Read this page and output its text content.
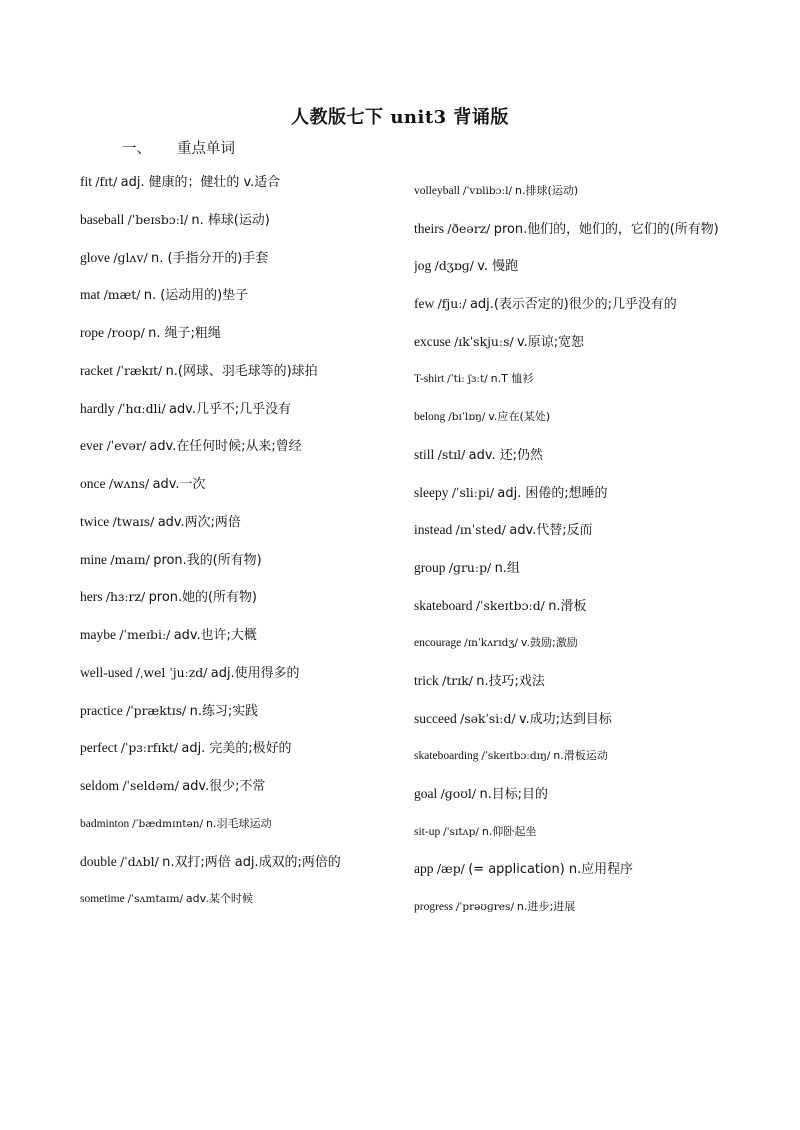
人教版七下 unit3 背诵版
一、 重点单词
fit /fɪt/ adj. 健康的；健壮的 v.适合
baseball /ˈbeɪsbɔːl/ n. 棒球(运动)
glove /ɡlʌv/ n. (手指分开的)手套
mat /mæt/ n. (运动用的)垫子
rope /roʊp/ n. 绳子;粗绳
racket /ˈrækɪt/ n.(网球、羽毛球等的)球拍
hardly /ˈhɑːdli/ adv.几乎不;几乎没有
ever /ˈevər/ adv.在任何时候;从来;曾经
once /wʌns/ adv.一次
twice /twaɪs/ adv.两次;两倍
mine /maɪn/ pron.我的(所有物)
hers /hɜːrz/ pron.她的(所有物)
maybe /ˈmeɪbiː/ adv.也许;大概
well-used /ˌwel ˈjuːzd/ adj.使用得多的
practice /ˈpræktɪs/ n.练习;实践
perfect /ˈpɜːrfɪkt/ adj. 完美的;极好的
seldom /ˈseldəm/ adv.很少;不常
badminton /ˈbædmɪntən/ n.羽毛球运动
double /ˈdʌbl/ n.双打;两倍 adj.成双的;两倍的
sometime /ˈsʌmtaɪm/ adv.某个时候
volleyball /ˈvɒlibɔːl/ n.排球(运动)
theirs /ðeərz/ pron.他们的，她们的，它们的(所有物)
jog /dʒɒɡ/ v. 慢跑
few /fjuː/ adj.(表示否定的)很少的;几乎没有的
excuse /ɪkˈskjuːs/ v.原谅;宽恕
T-shirt /ˈtiː ʃɜːt/ n.T 恤衫
belong /bɪˈlɒŋ/ v.应在(某处)
still /stɪl/ adv. 还;仍然
sleepy /ˈsliːpi/ adj. 困倦的;想睡的
instead /ɪnˈsted/ adv.代替;反而
group /ɡruːp/ n.组
skateboard /ˈskeɪtbɔːd/ n.滑板
encourage /ɪnˈkʌrɪdʒ/ v.鼓励;激励
trick /trɪk/ n.技巧;戏法
succeed /səkˈsiːd/ v.成功;达到目标
skateboarding /ˈskeɪtbɔːdɪŋ/ n.滑板运动
goal /ɡoʊl/ n.目标;目的
sit-up /ˈsɪtʌp/ n.仰卧起坐
app /æp/ (= application) n.应用程序
progress /ˈprəʊɡres/ n.进步;进展
